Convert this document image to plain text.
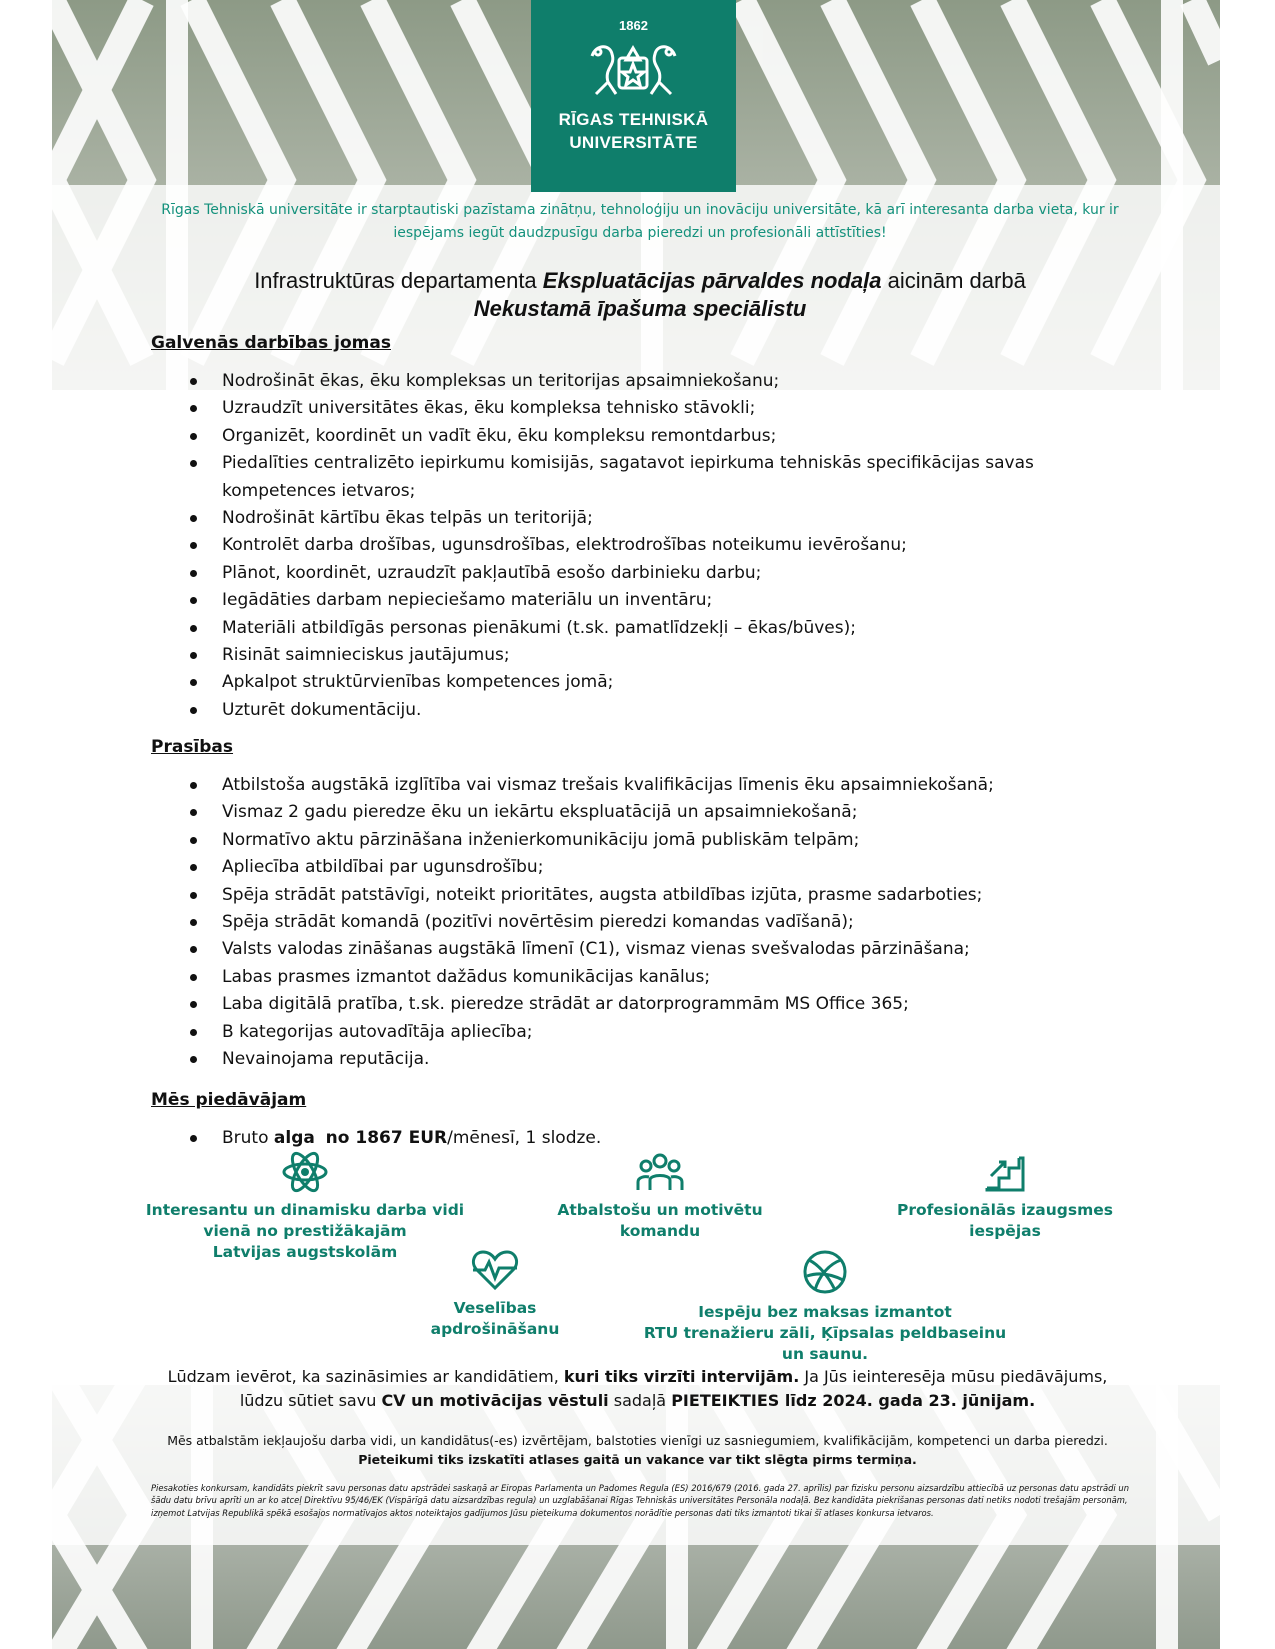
1862
RĪGAS TEHNISKĀ
UNIVERSITĀTE
Rīgas Tehniskā universitāte ir starptautiski pazīstama zinātņu, tehnoloģiju un inovāciju universitāte, kā arī interesanta darba vieta, kur ir iespējams iegūt daudzpusīgu darba pieredzi un profesionāli attīstīties!
Infrastruktūras departamenta Ekspluatācijas pārvaldes nodaļa aicinām darbā
Nekustamā īpašuma speciālistu
Galvenās darbības jomas
Nodrošināt ēkas, ēku kompleksas un teritorijas apsaimniekošanu;
Uzraudzīt universitātes ēkas, ēku kompleksa tehnisko stāvokli;
Organizēt, koordinēt un vadīt ēku, ēku kompleksu remontdarbus;
Piedalīties centralizēto iepirkumu komisijās, sagatavot iepirkuma tehniskās specifikācijas savas kompetences ietvaros;
Nodrošināt kārtību ēkas telpās un teritorijā;
Kontrolēt darba drošības, ugunsdrošības, elektrodrošības noteikumu ievērošanu;
Plānot, koordinēt, uzraudzīt pakļautībā esošo darbinieku darbu;
Iegādāties darbam nepieciešamo materiālu un inventāru;
Materiāli atbildīgās personas pienākumi (t.sk. pamatlīdzekļi – ēkas/būves);
Risināt saimnieciskus jautājumus;
Apkalpot struktūrvienības kompetences jomā;
Uzturēt dokumentāciju.
Prasības
Atbilstoša augstākā izglītība vai vismaz trešais kvalifikācijas līmenis ēku apsaimniekošanā;
Vismaz 2 gadu pieredze ēku un iekārtu ekspluatācijā un apsaimniekošanā;
Normatīvo aktu pārzināšana inženierkomunikāciju jomā publiskām telpām;
Apliecība atbildībai par ugunsdrošību;
Spēja strādāt patstāvīgi, noteikt prioritātes, augsta atbildības izjūta, prasme sadarboties;
Spēja strādāt komandā (pozitīvi novērtēsim pieredzi komandas vadīšanā);
Valsts valodas zināšanas augstākā līmenī (C1), vismaz vienas svešvalodas pārzināšana;
Labas prasmes izmantot dažādus komunikācijas kanālus;
Laba digitālā pratība, t.sk. pieredze strādāt ar datorprogrammām MS Office 365;
B kategorijas autovadītāja apliecība;
Nevainojama reputācija.
Mēs piedāvājam
Bruto alga no 1867 EUR/mēnesī, 1 slodze.
Interesantu un dinamisku darba vidi
vienā no prestižākajām
Latvijas augstskolām
Atbalstošu un motivētu
komandu
Profesionālās izaugsmes
iespējas
Veselības
apdrošināšanu
Iespēju bez maksas izmantot
RTU trenažieru zāli, Ķīpsalas peldbaseinu
un saunu.
Lūdzam ievērot, ka sazināsimies ar kandidātiem, kuri tiks virzīti intervijām. Ja Jūs ieinteresēja mūsu piedāvājums, lūdzu sūtiet savu CV un motivācijas vēstuli sadaļā PIETEIKTIES līdz 2024. gada 23. jūnijam.
Mēs atbalstām iekļaujošu darba vidi, un kandidātus(-es) izvērtējam, balstoties vienīgi uz sasniegumiem, kvalifikācijām, kompetenci un darba pieredzi.
Pieteikumi tiks izskatīti atlases gaitā un vakance var tikt slēgta pirms termiņa.
Piesakoties konkursam, kandidāts piekrīt savu personas datu apstrādei saskaņā ar Eiropas Parlamenta un Padomes Regula (ES) 2016/679 (2016. gada 27. aprīlis) par fizisku personu aizsardzību attiecībā uz personas datu apstrādi un šādu datu brīvu aprīti un ar ko atceļ Direktīvu 95/46/EK (Vispārīgā datu aizsardzības regula) un uzglabāšanai Rīgas Tehniskās universitātes Personāla nodaļā. Bez kandidāta piekrišanas personas dati netiks nodoti trešajām personām, izņemot Latvijas Republikā spēkā esošajos normatīvajos aktos noteiktajos gadījumos Jūsu pieteikuma dokumentos norādītie personas dati tiks izmantoti tikai šī atlases konkursa ietvaros.
